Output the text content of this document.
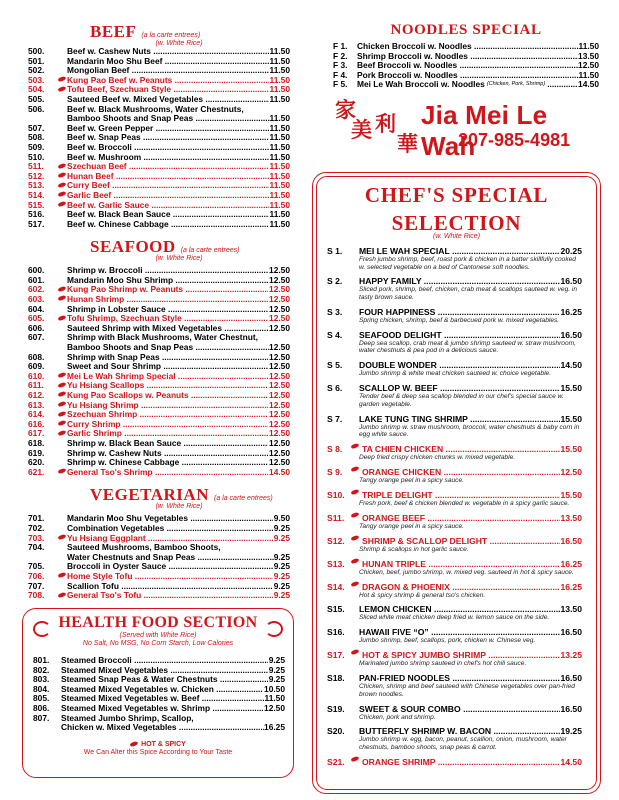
BEEF (a la carte entrees)
(w. White Rice)
500.	Beef w. Cashew Nuts .....	11.50
501.	Mandarin Moo Shu Beef .....	11.50
502.	Mongolian Beef .....	11.50
503.	Kung Pao Beef w. Peanuts .....	11.50
504.	Tofu Beef, Szechuan Style .....	11.50
505.	Sauteed Beef w. Mixed Vegetables .....	11.50
506.	Beef w. Black Mushrooms, Water Chestnuts,
Bamboo Shoots and Snap Peas .....	11.50
507.	Beef w. Green Pepper .....	11.50
508.	Beef w. Snap Peas .....	11.50
509.	Beef w. Broccoli .....	11.50
510.	Beef w. Mushroom .....	11.50
511.	Szechuan Beef .....	11.50
512.	Hunan Beef .....	11.50
513.	Curry Beef .....	11.50
514.	Garlic Beef .....	11.50
515.	Beef w. Garlic Sauce .....	11.50
516.	Beef w. Black Bean Sauce .....	11.50
517.	Beef w. Chinese Cabbage .....	11.50
SEAFOOD (a la carte entrees)
(w. White Rice)
600.	Shrimp w. Broccoli .....	12.50
601.	Mandarin Moo Shu Shrimp .....	12.50
602.	Kung Pao Shrimp w. Peanuts .....	12.50
603.	Hunan Shrimp .....	12.50
604.	Shrimp in Lobster Sauce .....	12.50
605.	Tofu Shrimp, Szechuan Style .....	12.50
606.	Sauteed Shrimp with Mixed Vegetables .....	12.50
607.	Shrimp with Black Mushrooms, Water Chestnut,
Bamboo Shoots and Snap Peas .....	12.50
608.	Shrimp with Snap Peas .....	12.50
609.	Sweet and Sour Shrimp .....	12.50
610.	Mei Le Wah Shrimp Special .....	12.50
611.	Yu Hsiang Scallops .....	12.50
612.	Kung Pao Scallops w. Peanuts .....	12.50
613.	Yu Hsiang Shrimp .....	12.50
614.	Szechuan Shrimp .....	12.50
616.	Curry Shrimp .....	12.50
617.	Garlic Shrimp .....	12.50
618.	Shrimp w. Black Bean Sauce .....	12.50
619.	Shrimp w. Cashew Nuts .....	12.50
620.	Shrimp w. Chinese Cabbage .....	12.50
621.	General Tso's Shrimp .....	14.50
VEGETARIAN (a la carte entrees)
(w. White Rice)
701.	Mandarin Moo Shu Vegetables .....	9.50
702.	Combination Vegetables .....	9.25
703.	Yu Hsiang Eggplant .....	9.25
704.	Sauteed Mushrooms, Bamboo Shoots,
Water Chestnuts and Snap Peas .....	9.25
705.	Broccoli in Oyster Sauce .....	9.25
706.	Home Style Tofu .....	9.25
707.	Scallion Tofu .....	9.25
708.	General Tso's Tofu .....	9.25
HEALTH FOOD SECTION
(Served with White Rice)
No Salt, No MSG, No Corn Starch, Low Calories
801.	Steamed Broccoli .....	9.25
802.	Steamed Mixed Vegetables .....	9.25
803.	Steamed Snap Peas & Water Chestnuts .....	9.25
804.	Steamed Mixed Vegetables w. Chicken .....	10.50
805.	Steamed Mixed Vegetables w. Beef .....	11.50
806.	Steamed Mixed Vegetables w. Shrimp .....	12.50
807.	Steamed Jumbo Shrimp, Scallop,
Chicken w. Mixed Vegetables .....	16.25
HOT & SPICY
We Can Alter this Spice According to Your Taste
NOODLES SPECIAL
F 1.	Chicken Broccoli w. Noodles .....	11.50
F 2.	Shrimp Broccoli w. Noodles .....	13.50
F 3.	Beef Broccoli w. Noodles .....	12.50
F 4.	Pork Broccoli w. Noodles .....	11.50
F 5.	Mei Le Wah Broccoli w. Noodles (Chicken, Pork, Shrimp)
.....	14.50
家
美 利
華
Jia Mei Le Wah
207-985-4981
CHEF'S SPECIAL
SELECTION
(w. White Rice)
S 1.	MEI LE WAH SPECIAL .....	20.25
Fresh jumbo shrimp, beef, roast pork & chicken in a batter skillfully cooked w. selected vegetable on a bed of Cantonese soft noodles.
S 2.	HAPPY FAMILY .....	16.50
Sliced pork, shrimp, beef, chicken, crab meat & scallops sauteed w. veg. in tasty brown sauce.
S 3.	FOUR HAPPINESS .....	16.25
Spring chicken, shrimp, beef & barbecued pork w. mixed vegetables.
S 4.	SEAFOOD DELIGHT .....	16.50
Deep sea scallop, crab meat & jumbo shrimp sauteed w. straw mushroom, water chestnuts & pea pod in a delicious sauce.
S 5.	DOUBLE WONDER .....	14.50
Jumbo shrimp & white meat chicken sauteed w. choice vegetable.
S 6.	SCALLOP W. BEEF .....	15.50
Tender beef & deep sea scallop blended in our chef's special sauce w. garden vegetable.
S 7.	LAKE TUNG TING SHRIMP .....	15.50
Jumbo shrimp w. straw mushroom, broccoli, water chestnuts & baby corn in egg white sauce.
S 8.	TA CHIEN CHICKEN .....	15.50
Deep fried crispy chicken chunks w. mixed vegetable.
S 9.	ORANGE CHICKEN .....	12.50
Tangy orange peel in a spicy sauce.
S10.	TRIPLE DELIGHT .....	15.50
Fresh pork, beef & chicken blended w. vegetable in a spicy garlic sauce.
S11.	ORANGE BEEF .....	13.50
Tangy orange peel in a spicy sauce.
S12.	SHRIMP & SCALLOP DELIGHT .....	16.50
Shrimp & scallops in hot garlic sauce.
S13.	HUNAN TRIPLE .....	16.25
Chicken, beef, jumbo shrimp, w. mixed veg. sauteed in hot & spicy sauce.
S14.	DRAGON & PHOENIX .....	16.25
Hot & spicy shrimp & general tso's chicken.
S15.	LEMON CHICKEN .....	13.50
Sliced white meat chicken deep fried w. lemon sauce on the side.
S16.	HAWAII FIVE “O” .....	16.50
Jumbo shrimp, beef, scallops, pork, chicken w. Chinese veg.
S17.	HOT & SPICY JUMBO SHRIMP .....	13.25
Marinated jumbo shrimp sauteed in chef's hot chili sauce.
S18.	PAN-FRIED NOODLES .....	16.50
Chicken, shrimp and beef sauteed with Chinese vegetables over pan-fried brown noodles.
S19.	SWEET & SOUR COMBO .....	16.50
Chicken, pork and shrimp.
S20.	BUTTERFLY SHRIMP W. BACON .....	19.25
Jumbo shrimp w. egg, bacon, peanut, scallion, onion, mushroom, water chestnuts, bamboo shoots, snap peas & carrot.
S21.	ORANGE SHRIMP .....	14.50
